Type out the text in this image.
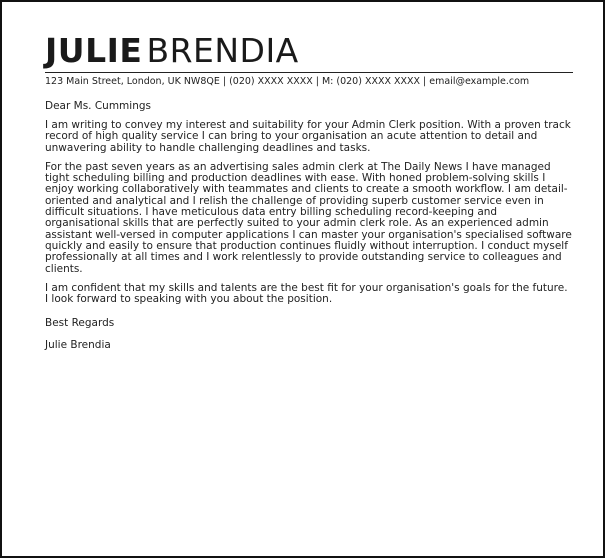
JULIE BRENDIA
123 Main Street, London, UK NW8QE | (020) XXXX XXXX | M: (020) XXXX XXXX | email@example.com
Dear Ms. Cummings

I am writing to convey my interest and suitability for your Admin Clerk position. With a proven track record of high quality service I can bring to your organisation an acute attention to detail and unwavering ability to handle challenging deadlines and tasks.

For the past seven years as an advertising sales admin clerk at The Daily News I have managed tight scheduling billing and production deadlines with ease. With honed problem-solving skills I enjoy working collaboratively with teammates and clients to create a smooth workflow. I am detail-oriented and analytical and I relish the challenge of providing superb customer service even in difficult situations. I have meticulous data entry billing scheduling record-keeping and organisational skills that are perfectly suited to your admin clerk role. As an experienced admin assistant well-versed in computer applications I can master your organisation's specialised software quickly and easily to ensure that production continues fluidly without interruption. I conduct myself professionally at all times and I work relentlessly to provide outstanding service to colleagues and clients.

I am confident that my skills and talents are the best fit for your organisation's goals for the future. I look forward to speaking with you about the position.

Best Regards
Julie Brendia
